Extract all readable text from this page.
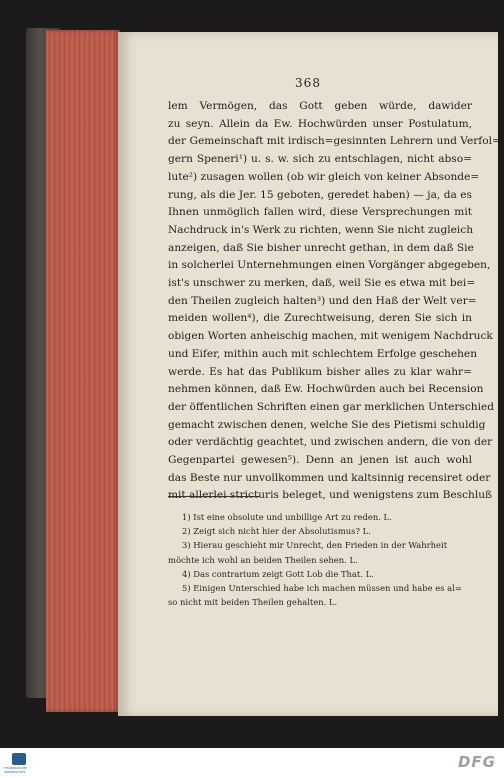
368
lem Vermögen, das Gott geben würde, dawider
zu seyn. Allein da Ew. Hochwürden unser Postulatum,
der Gemeinschaft mit irdisch=gesinnten Lehrern und Verfol=
gern Speneri¹) u. s. w. sich zu entschlagen, nicht abso=
lute²) zusagen wollen (ob wir gleich von keiner Absonde=
rung, als die Jer. 15 geboten, geredet haben) — ja, da es
Ihnen unmöglich fallen wird, diese Versprechungen mit
Nachdruck in's Werk zu richten, wenn Sie nicht zugleich
anzeigen, daß Sie bisher unrecht gethan, in dem daß Sie
in solcherlei Unternehmungen einen Vorgänger abgegeben,
ist's unschwer zu merken, daß, weil Sie es etwa mit bei=
den Theilen zugleich halten³) und den Haß der Welt ver=
meiden wollen⁴), die Zurechtweisung, deren Sie sich in
obigen Worten anheischig machen, mit wenigem Nachdruck
und Eifer, mithin auch mit schlechtem Erfolge geschehen
werde. Es hat das Publikum bisher alles zu klar wahr=
nehmen können, daß Ew. Hochwürden auch bei Recension
der öffentlichen Schriften einen gar merklichen Unterschied
gemacht zwischen denen, welche Sie des Pietismi schuldig
oder verdächtig geachtet, und zwischen andern, die von der
Gegenpartei gewesen⁵). Denn an jenen ist auch wohl
das Beste nur unvollkommen und kaltsinnig recensiret oder
mit allerlei stricturis beleget, und wenigstens zum Beschluß
1) Ist eine obsolute und unbillige Art zu reden. L.
2) Zeigt sich nicht hier der Absolutismus? L.
3) Hierau geschieht mir Unrecht, den Frieden in der Wahrheit
möchte ich wohl an beiden Theilen sehen. L.
4) Das contrarium zeigt Gott Lob die That. L.
5) Einigen Unterschied habe ich machen müssen und habe es al=
so nicht mit beiden Theilen gehalten. L.
THÜRINGISCHE UNIVERSITÄTS
DFG
